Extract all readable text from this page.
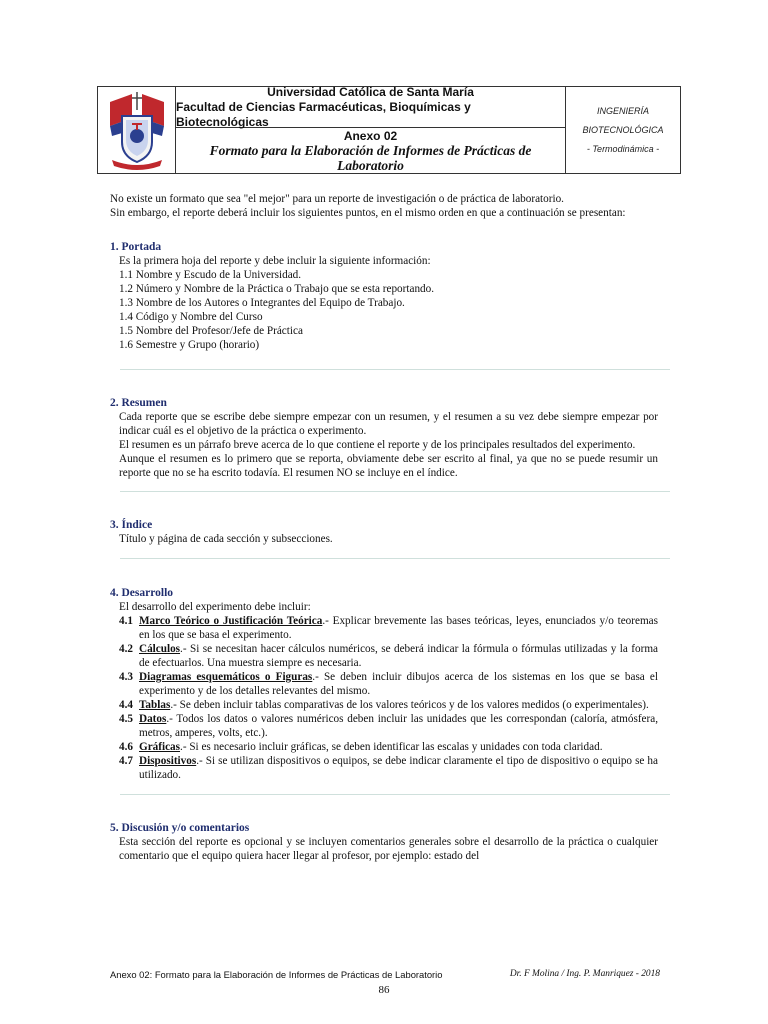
Universidad Católica de Santa María
Facultad de Ciencias Farmacéuticas, Bioquímicas y Biotecnológicas
Anexo 02
Formato para la Elaboración de Informes de Prácticas de Laboratorio
INGENIERÍA
BIOTECNOLÓGICA
- Termodinámica -

No existe un formato que sea "el mejor" para un reporte de investigación o de práctica de laboratorio.

Sin embargo, el reporte deberá incluir los siguientes puntos, en el mismo orden en que a continuación se presentan:

1. Portada

Es la primera hoja del reporte y debe incluir la siguiente información:

1.1 Nombre y Escudo de la Universidad.
1.2 Número y Nombre de la Práctica o Trabajo que se esta reportando.
1.3 Nombre de los Autores o Integrantes del Equipo de Trabajo.
1.4 Código y Nombre del Curso
1.5 Nombre del Profesor/Jefe de Práctica
1.6 Semestre y Grupo (horario)
2. Resumen

Cada reporte que se escribe debe siempre empezar con un resumen, y el resumen a su vez debe siempre empezar por indicar cuál es el objetivo de la práctica o experimento.

El resumen es un párrafo breve acerca de lo que contiene el reporte y de los principales resultados del experimento.

Aunque el resumen es lo primero que se reporta, obviamente debe ser escrito al final, ya que no se puede resumir un reporte que no se ha escrito todavía. El resumen NO se incluye en el índice.

3. Índice

Título y página de cada sección y subsecciones.

4. Desarrollo

El desarrollo del experimento debe incluir:

4.1 Marco Teórico o Justificación Teórica.- Explicar brevemente las bases teóricas, leyes, enunciados y/o teoremas en los que se basa el experimento.
4.2 Cálculos.- Si se necesitan hacer cálculos numéricos, se deberá indicar la fórmula o fórmulas utilizadas y la forma de efectuarlos. Una muestra siempre es necesaria.
4.3 Diagramas esquemáticos o Figuras.- Se deben incluir dibujos acerca de los sistemas en los que se basa el experimento y de los detalles relevantes del mismo.
4.4 Tablas.- Se deben incluir tablas comparativas de los valores teóricos y de los valores medidos (o experimentales).
4.5 Datos.- Todos los datos o valores numéricos deben incluir las unidades que les correspondan (caloría, atmósfera, metros, amperes, volts, etc.).
4.6 Gráficas.- Si es necesario incluir gráficas, se deben identificar las escalas y unidades con toda claridad.
4.7 Dispositivos.- Si se utilizan dispositivos o equipos, se debe indicar claramente el tipo de dispositivo o equipo se ha utilizado.
5. Discusión y/o comentarios

Esta sección del reporte es opcional y se incluyen comentarios generales sobre el desarrollo de la práctica o cualquier comentario que el equipo quiera hacer llegar al profesor, por ejemplo: estado del

Anexo 02: Formato para la Elaboración de Informes de Prácticas de Laboratorio	Dr. F Molina / Ing. P. Manriquez - 2018
86
